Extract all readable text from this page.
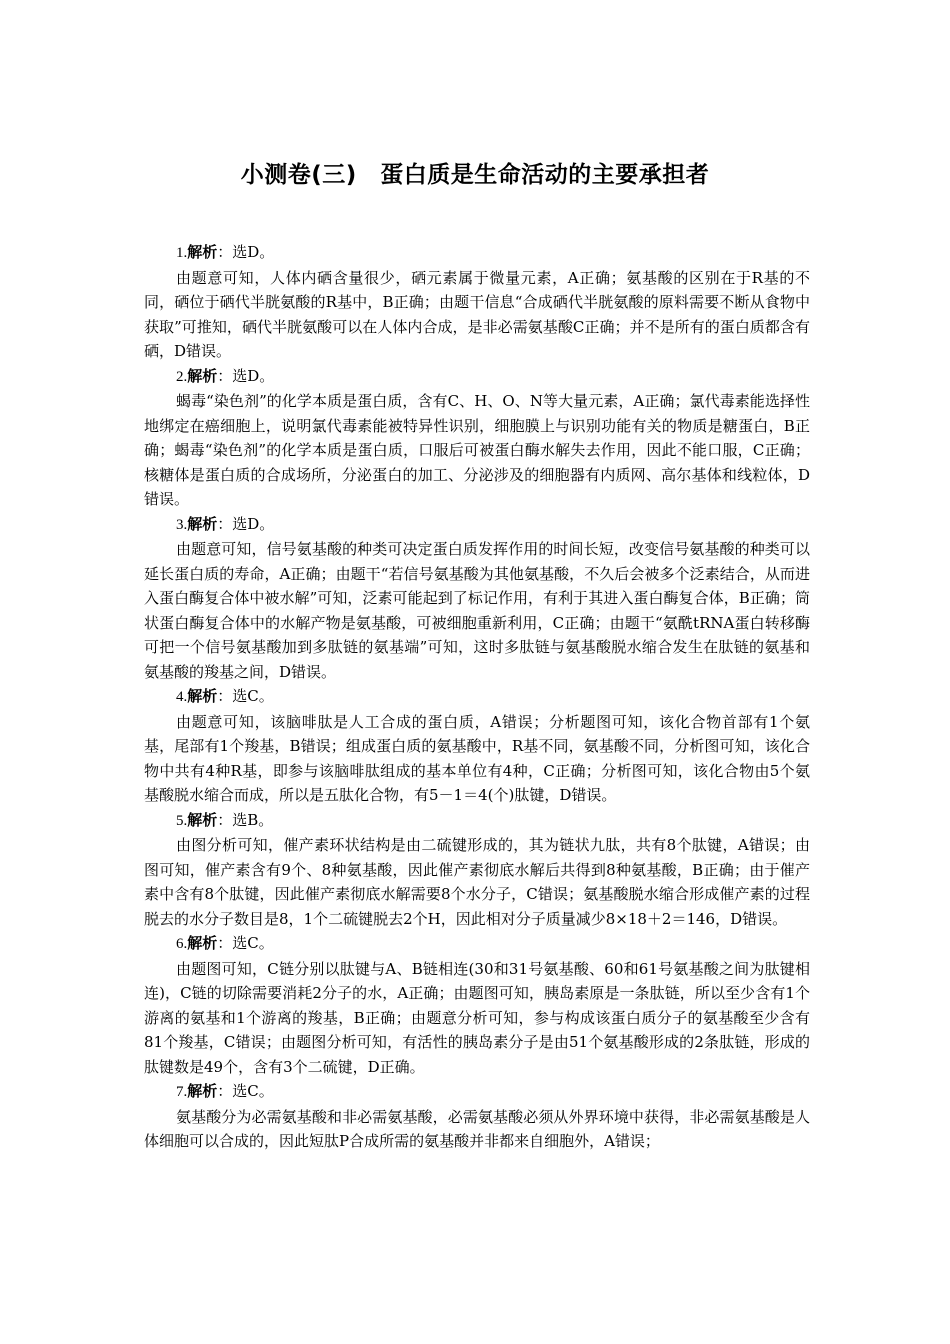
小测卷(三)　蛋白质是生命活动的主要承担者

1.解析：选D。

由题意可知，人体内硒含量很少，硒元素属于微量元素，A正确；氨基酸的区别在于R基的不同，硒位于硒代半胱氨酸的R基中，B正确；由题干信息“合成硒代半胱氨酸的原料需要不断从食物中获取”可推知，硒代半胱氨酸可以在人体内合成，是非必需氨基酸C正确；并不是所有的蛋白质都含有硒，D错误。

2.解析：选D。

蝎毒“染色剂”的化学本质是蛋白质，含有C、H、O、N等大量元素，A正确；氯代毒素能选择性地绑定在癌细胞上，说明氯代毒素能被特异性识别，细胞膜上与识别功能有关的物质是糖蛋白，B正确；蝎毒“染色剂”的化学本质是蛋白质，口服后可被蛋白酶水解失去作用，因此不能口服，C正确；核糖体是蛋白质的合成场所，分泌蛋白的加工、分泌涉及的细胞器有内质网、高尔基体和线粒体，D错误。

3.解析：选D。

由题意可知，信号氨基酸的种类可决定蛋白质发挥作用的时间长短，改变信号氨基酸的种类可以延长蛋白质的寿命，A正确；由题干“若信号氨基酸为其他氨基酸，不久后会被多个泛素结合，从而进入蛋白酶复合体中被水解”可知，泛素可能起到了标记作用，有利于其进入蛋白酶复合体，B正确；筒状蛋白酶复合体中的水解产物是氨基酸，可被细胞重新利用，C正确；由题干“氨酰tRNA蛋白转移酶可把一个信号氨基酸加到多肽链的氨基端”可知，这时多肽链与氨基酸脱水缩合发生在肽链的氨基和氨基酸的羧基之间，D错误。

4.解析：选C。

由题意可知，该脑啡肽是人工合成的蛋白质，A错误；分析题图可知，该化合物首部有1个氨基，尾部有1个羧基，B错误；组成蛋白质的氨基酸中，R基不同，氨基酸不同，分析图可知，该化合物中共有4种R基，即参与该脑啡肽组成的基本单位有4种，C正确；分析图可知，该化合物由5个氨基酸脱水缩合而成，所以是五肽化合物，有5－1＝4(个)肽键，D错误。

5.解析：选B。

由图分析可知，催产素环状结构是由二硫键形成的，其为链状九肽，共有8个肽键，A错误；由图可知，催产素含有9个、8种氨基酸，因此催产素彻底水解后共得到8种氨基酸，B正确；由于催产素中含有8个肽键，因此催产素彻底水解需要8个水分子，C错误；氨基酸脱水缩合形成催产素的过程脱去的水分子数目是8，1个二硫键脱去2个H，因此相对分子质量减少8×18＋2＝146，D错误。

6.解析：选C。

由题图可知，C链分别以肽键与A、B链相连(30和31号氨基酸、60和61号氨基酸之间为肽键相连)，C链的切除需要消耗2分子的水，A正确；由题图可知，胰岛素原是一条肽链，所以至少含有1个游离的氨基和1个游离的羧基，B正确；由题意分析可知，参与构成该蛋白质分子的氨基酸至少含有81个羧基，C错误；由题图分析可知，有活性的胰岛素分子是由51个氨基酸形成的2条肽链，形成的肽键数是49个，含有3个二硫键，D正确。

7.解析：选C。

氨基酸分为必需氨基酸和非必需氨基酸，必需氨基酸必须从外界环境中获得，非必需氨基酸是人体细胞可以合成的，因此短肽P合成所需的氨基酸并非都来自细胞外，A错误；
